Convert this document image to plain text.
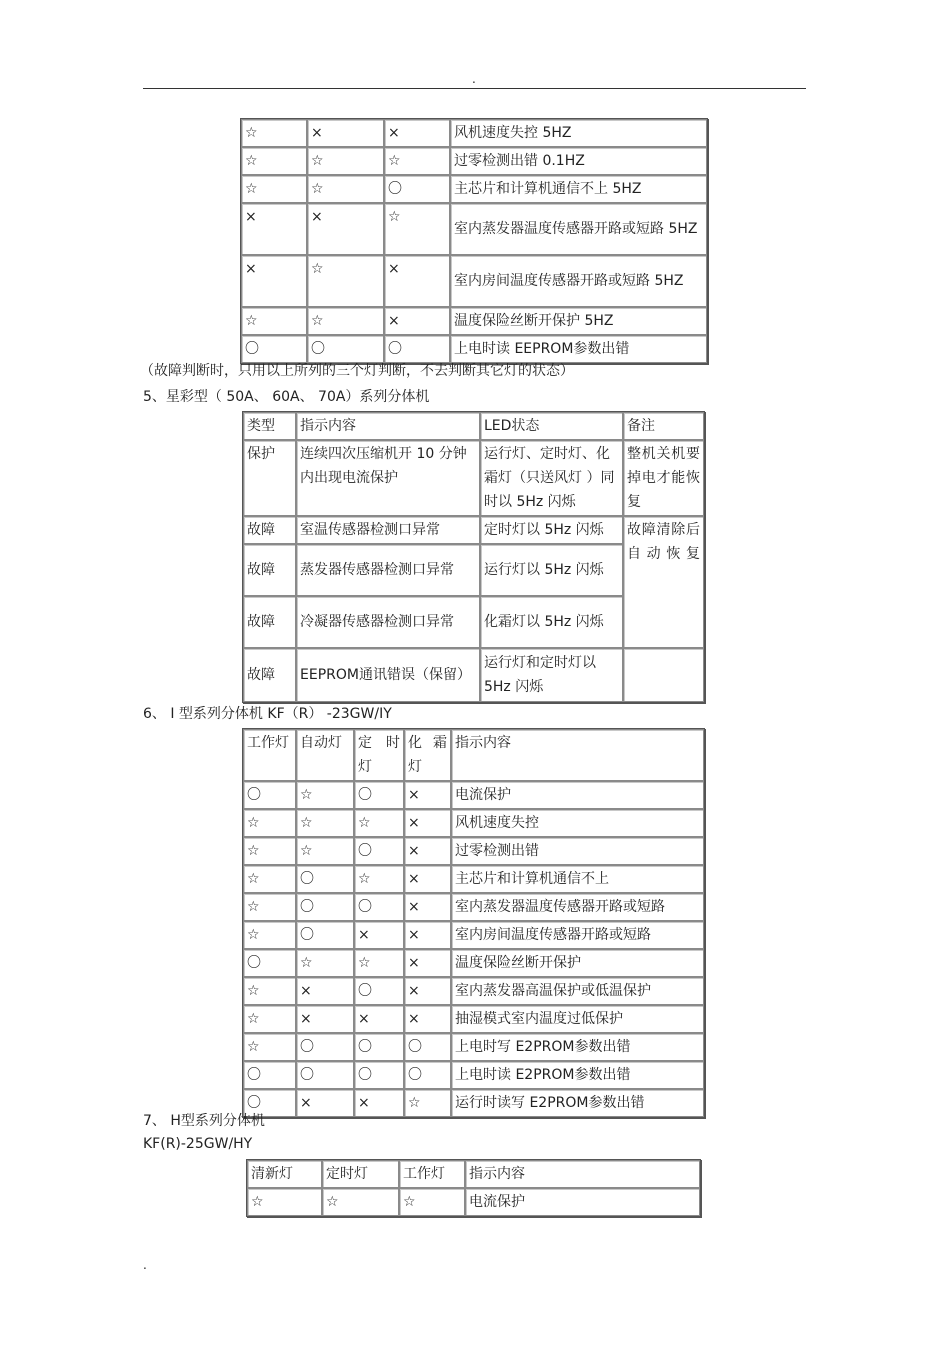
.
☆	×	×	风机速度失控 5HZ
☆	☆	☆	过零检测出错 0.1HZ
☆	☆	〇	主芯片和计算机通信不上 5HZ
×	×	☆	室内蒸发器温度传感器开路或短路 5HZ
×	☆	×	室内房间温度传感器开路或短路 5HZ
☆	☆	×	温度保险丝断开保护 5HZ
〇	〇	〇	上电时读 EEPROM参数出错
（故障判断时，只用以上所列的三个灯判断，不去判断其它灯的状态）
5、星彩型（ 50A、 60A、 70A）系列分体机
类型	指示内容	LED状态	备注
保护	连续四次压缩机开 10 分钟内出现电流保护	运行灯、定时灯、化霜灯（只送风灯 ）同时以 5Hz 闪烁	整机关机要掉电才能恢复
故障	室温传感器检测口异常	定时灯以 5Hz 闪烁	故障清除后自动恢复
故障	蒸发器传感器检测口异常	运行灯以 5Hz 闪烁	
故障	冷凝器传感器检测口异常	化霜灯以 5Hz 闪烁	
故障	EEPROM通讯错误（保留）	运行灯和定时灯以 5Hz 闪烁	
6、 I 型系列分体机 KF（R） -23GW/IY
工作灯	自动灯	定 时灯	化 霜灯	指示内容
〇	☆	〇	×	电流保护
☆	☆	☆	×	风机速度失控
☆	☆	〇	×	过零检测出错
☆	〇	☆	×	主芯片和计算机通信不上
☆	〇	〇	×	室内蒸发器温度传感器开路或短路
☆	〇	×	×	室内房间温度传感器开路或短路
〇	☆	☆	×	温度保险丝断开保护
☆	×	〇	×	室内蒸发器高温保护或低温保护
☆	×	×	×	抽湿模式室内温度过低保护
☆	〇	〇	〇	上电时写 E2PROM参数出错
〇	〇	〇	〇	上电时读 E2PROM参数出错
〇	×	×	☆	运行时读写 E2PROM参数出错
7、 H型系列分体机
KF(R)-25GW/HY
清新灯	定时灯	工作灯	指示内容
☆	☆	☆	电流保护
.
